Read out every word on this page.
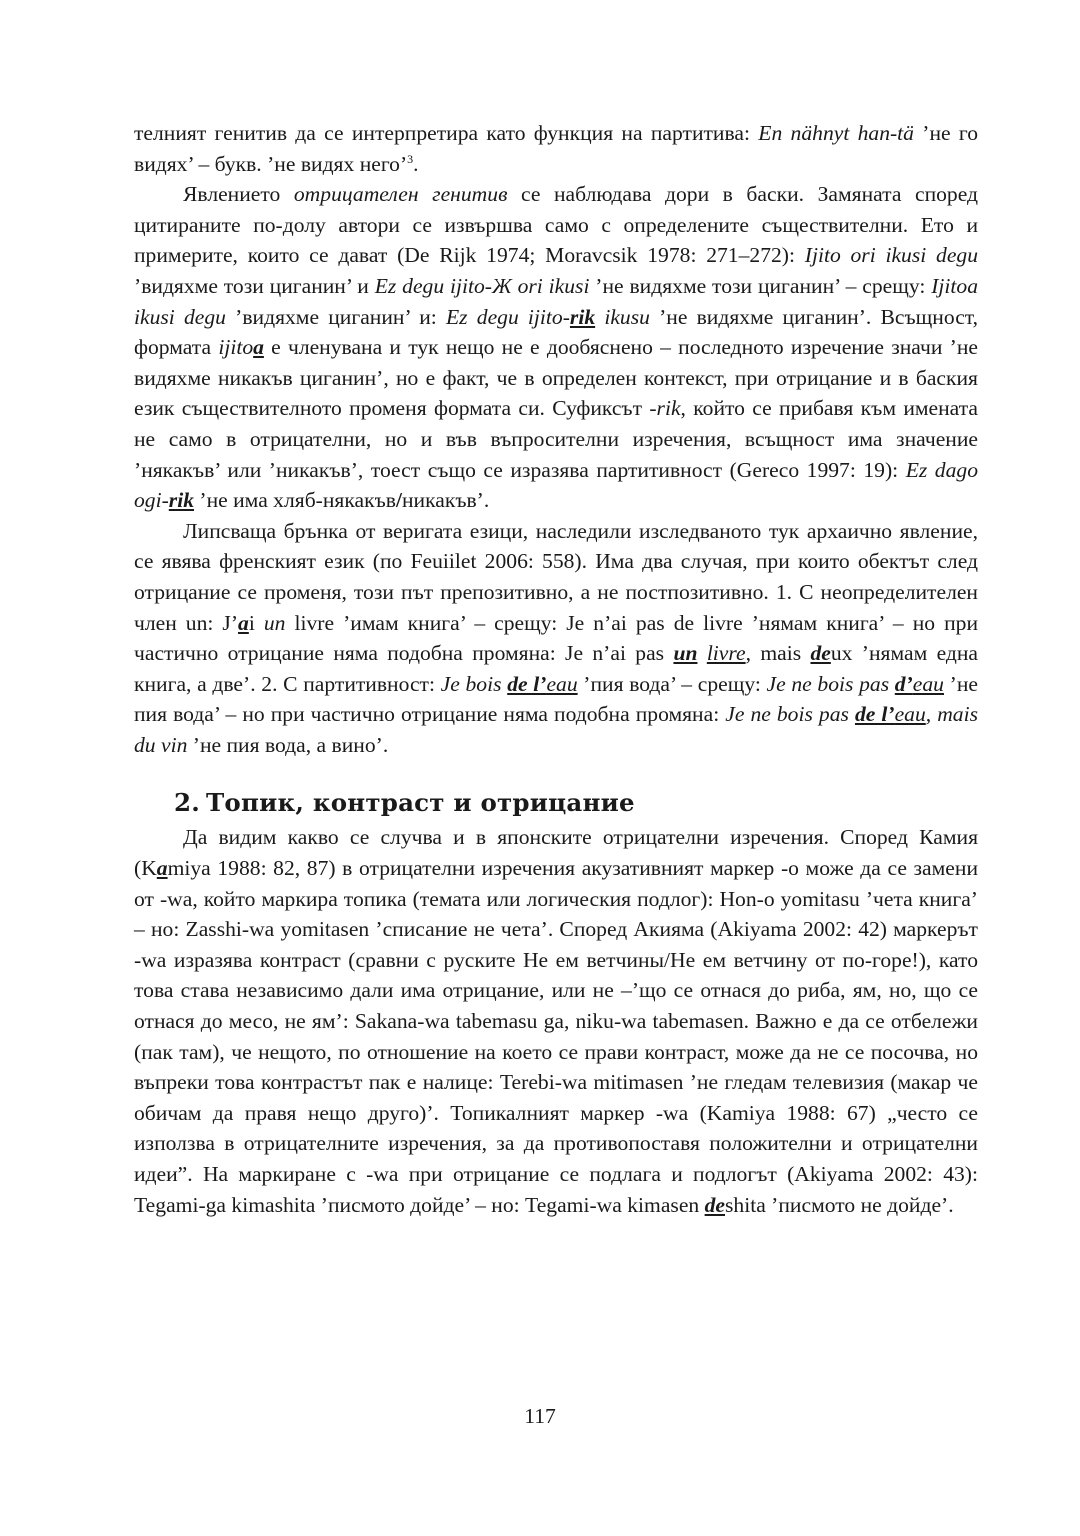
телният генитив да се интерпретира като функция на партитива: En nähnyt han-tä ’не го видях’ – букв. ’не видях него’$^3$.

Явлението отрицателен генитив се наблюдава дори в баски. Замяната според цитираните по-долу автори се извършва само с определените съществителни. Ето и примерите, които се дават (De Rijk 1974; Moravcsik 1978: 271–272): Ijito ori ikusi degu ’видяхме този циганин’ и Ez degu ijito-Ж ori ikusi ’не видяхме този циганин’ – срещу: Ijitoa ikusi degu ’видяхме циганин’ и: Ez degu ijito-rik ikusu ’не видяхме циганин’. Всъщност, формата ijitoa е членувана и тук нещо не е дообяснено – последното изречение значи ’не видяхме никакъв циганин’, но е факт, че в определен контекст, при отрицание и в баския език съществителното променя формата си. Суфиксът -rik, който се прибавя към имената не само в отрицателни, но и във въпросителни изречения, всъщност има значение ’някакъв’ или ’никакъв’, тоест също се изразява партитивност (Gereco 1997: 19): Ez dago ogi-rik ’не има хляб-някакъв/никакъв’.

Липсваща брънка от веригата езици, наследили изследваното тук архаично явление, се явява френският език (по Feuiilet 2006: 558). Има два случая, при които обектът след отрицание се променя, този път препозитивно, а не постпозитивно. 1. С неопределителен член un: J’ai un livre ’имам книга’ – срещу: Je n’ai pas de livre ’нямам книга’ – но при частично отрицание няма подобна промяна: Je n’ai pas un livre, mais deux ’нямам една книга, а две’. 2. С партитивност: Je bois de l’eau ’пия вода’ – срещу: Je ne bois pas d’eau ’не пия вода’ – но при частично отрицание няма подобна промяна: Je ne bois pas de l’eau, mais du vin ’не пия вода, а вино’.

2. Топик, контраст и отрицание

Да видим какво се случва и в японските отрицателни изречения. Според Камия (Kamiya 1988: 82, 87) в отрицателни изречения акузативният маркер -o може да се замени от -wa, който маркира топика (темата или логическия подлог): Hon-o yomitasu ’чета книга’ – но: Zasshi-wa yomitasen ’списание не чета’. Според Акияма (Akiyama 2002: 42) маркерът -wa изразява контраст (сравни с руските Не ем ветчины/Не ем ветчину от по-горе!), като това става независимо дали има отрицание, или не –’що се отнася до риба, ям, но, що се отнася до месо, не ям’: Sakana-wa tabemasu ga, niku-wa tabemasen. Важно е да се отбележи (пак там), че нещото, по отношение на което се прави контраст, може да не се посочва, но въпреки това контрастът пак е налице: Terebi-wa mitimasen ’не гледам телевизия (макар че обичам да правя нещо друго)’. Топикалният маркер -wa (Kamiya 1988: 67) „често се използва в отрицателните изречения, за да противопоставя положителни и отрицателни идеи”. На маркиране с -wa при отрицание се подлага и подлогът (Akiyama 2002: 43): Tegami-ga kimashita ’писмото дойде’ – но: Tegami-wa kimasen deshita ’писмото не дойде’.

117
